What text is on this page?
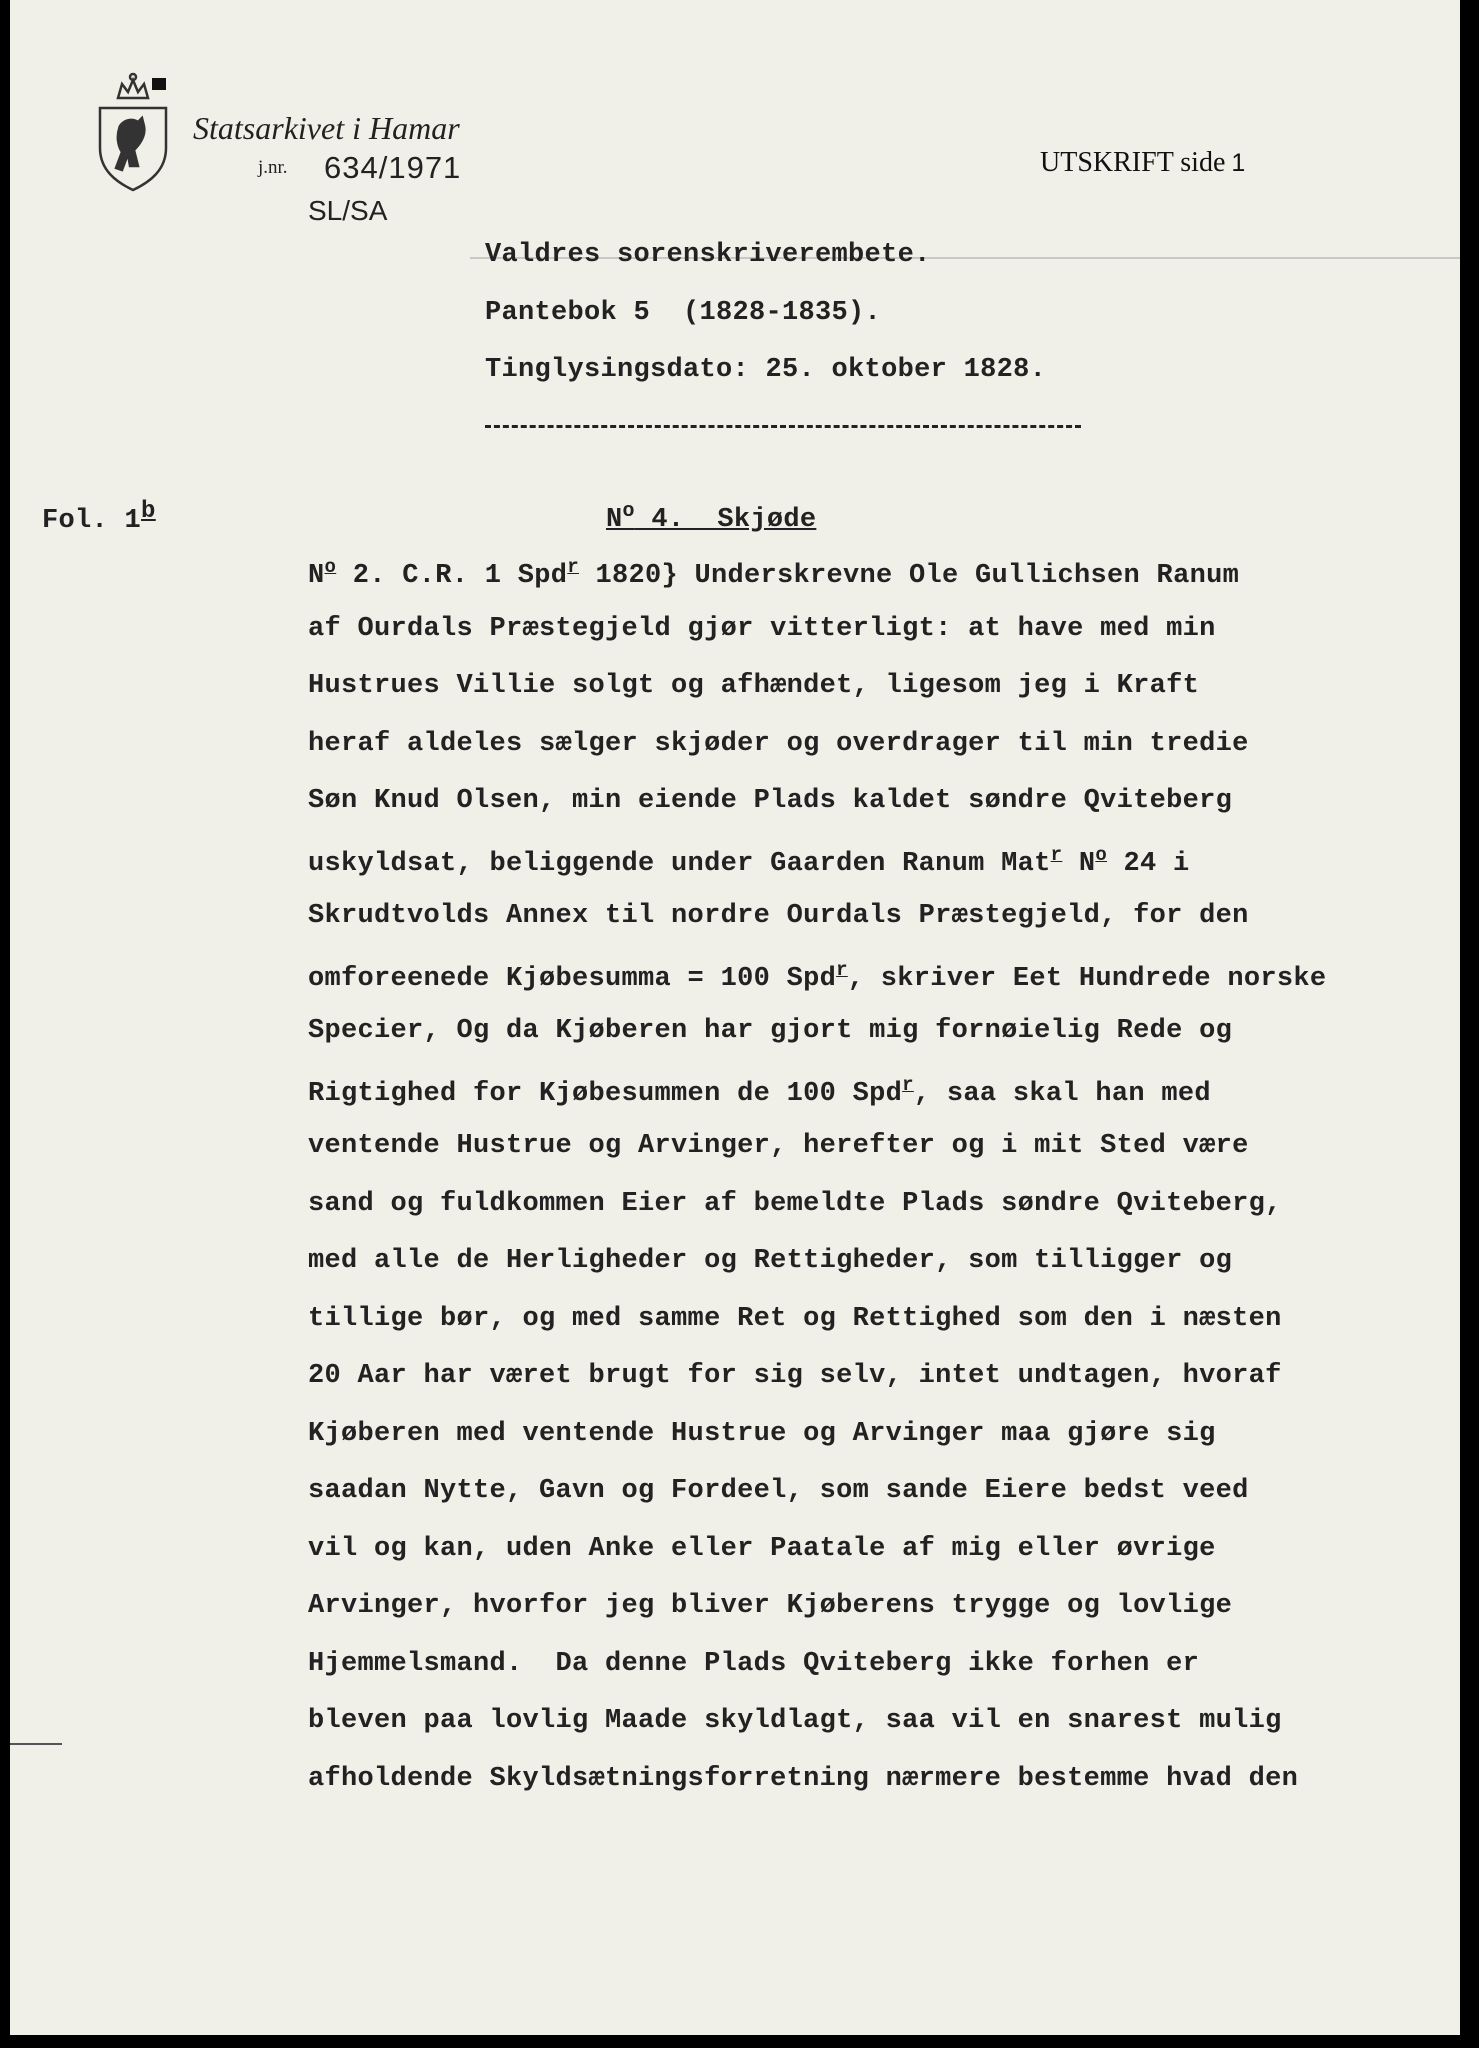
Statsarkivet i Hamar
j.nr. 634/1971
SL/SA
UTSKRIFT side 1
Valdres sorenskriverembete.
Pantebok 5  (1828-1835).
Tinglysingsdato: 25. oktober 1828.
Fol. 1$^b$	$N^o$ 4.  Skjøde
$N^o$ 2. C.R. 1 Spd$^r$ 1820} Underskrevne Ole Gullichsen Ranum
af Ourdals Præstegjeld gjør vitterligt: at have med min
Hustrues Villie solgt og afhændet, ligesom jeg i Kraft
heraf aldeles sælger skjøder og overdrager til min tredie
Søn Knud Olsen, min eiende Plads kaldet søndre Qviteberg
uskyldsat, beliggende under Gaarden Ranum Mat$^r$ $N^o$ 24 i
Skrudtvolds Annex til nordre Ourdals Præstegjeld, for den
omforeenede Kjøbesumma = 100 Spd$^r$, skriver Eet Hundrede norske
Specier, Og da Kjøberen har gjort mig fornøielig Rede og
Rigtighed for Kjøbesummen de 100 Spd$^r$, saa skal han med
ventende Hustrue og Arvinger, herefter og i mit Sted være
sand og fuldkommen Eier af bemeldte Plads søndre Qviteberg,
med alle de Herligheder og Rettigheder, som tilligger og
tillige bør, og med samme Ret og Rettighed som den i næsten
20 Aar har været brugt for sig selv, intet undtagen, hvoraf
Kjøberen med ventende Hustrue og Arvinger maa gjøre sig
saadan Nytte, Gavn og Fordeel, som sande Eiere bedst veed
vil og kan, uden Anke eller Paatale af mig eller øvrige
Arvinger, hvorfor jeg bliver Kjøberens trygge og lovlige
Hjemmelsmand.  Da denne Plads Qviteberg ikke forhen er
bleven paa lovlig Maade skyldlagt, saa vil en snarest mulig
afholdende Skyldsætningsforretning nærmere bestemme hvad den
